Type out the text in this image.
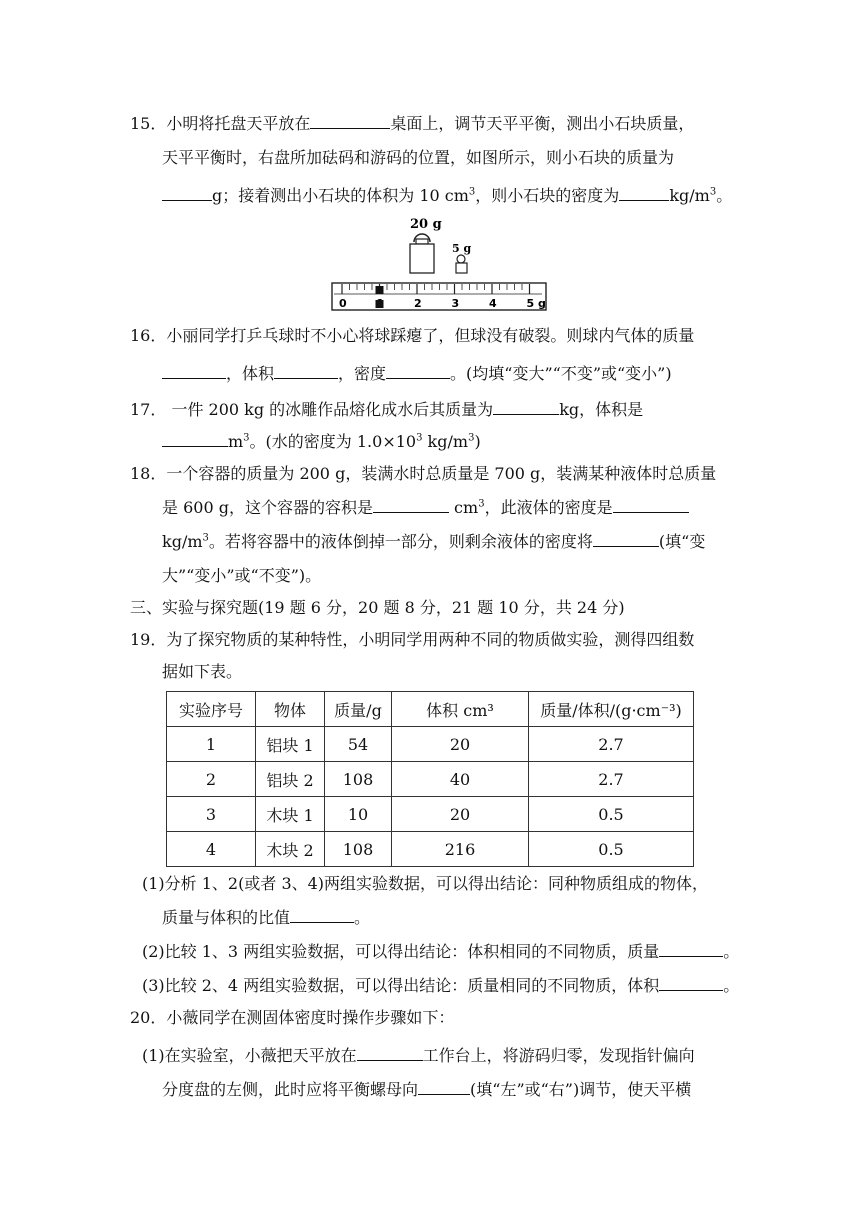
15．小明将托盘天平放在	桌面上，调节天平平衡，测出小石块质量，
天平平衡时，右盘所加砝码和游码的位置，如图所示，则小石块的质量为
g；接着测出小石块的体积为 10 $cm^3$，则小石块的密度为	$kg/m^3$。
20 g
5 g
0	2	3	4	5 g
16．小丽同学打乒乓球时不小心将球踩瘪了，但球没有破裂。则球内气体的质量
，体积	，密度	。(均填“变大”“不变”或“变小”)
17． 一件 200 kg 的冰雕作品熔化成水后其质量为	kg，体积是
$m^3$。(水的密度为 $1.0\times 10^3$ $kg/m^3$)
18．一个容器的质量为 200 g，装满水时总质量是 700 g，装满某种液体时总质量
是 600 g，这个容器的容积是	$cm^3$，此液体的密度是
$kg/m^3$。若将容器中的液体倒掉一部分，则剩余液体的密度将	(填“变
大”“变小”或“不变”)。
三、实验与探究题(19 题 6 分，20 题 8 分，21 题 10 分，共 24 分)
19．为了探究物质的某种特性，小明同学用两种不同的物质做实验，测得四组数
据如下表。
实验序号	物体	质量/g	体积 cm³	质量/体积/(g·cm⁻³)
1	铝块 1	54	20	2.7
2	铝块 2	108	40	2.7
3	木块 1	10	20	0.5
4	木块 2	108	216	0.5
(1)分析 1、2(或者 3、4)两组实验数据，可以得出结论：同种物质组成的物体，
质量与体积的比值	。
(2)比较 1、3 两组实验数据，可以得出结论：体积相同的不同物质，质量	。
(3)比较 2、4 两组实验数据，可以得出结论：质量相同的不同物质，体积	。
20．小薇同学在测固体密度时操作步骤如下：
(1)在实验室，小薇把天平放在	工作台上，将游码归零，发现指针偏向
分度盘的左侧，此时应将平衡螺母向	(填“左”或“右”)调节，使天平横
